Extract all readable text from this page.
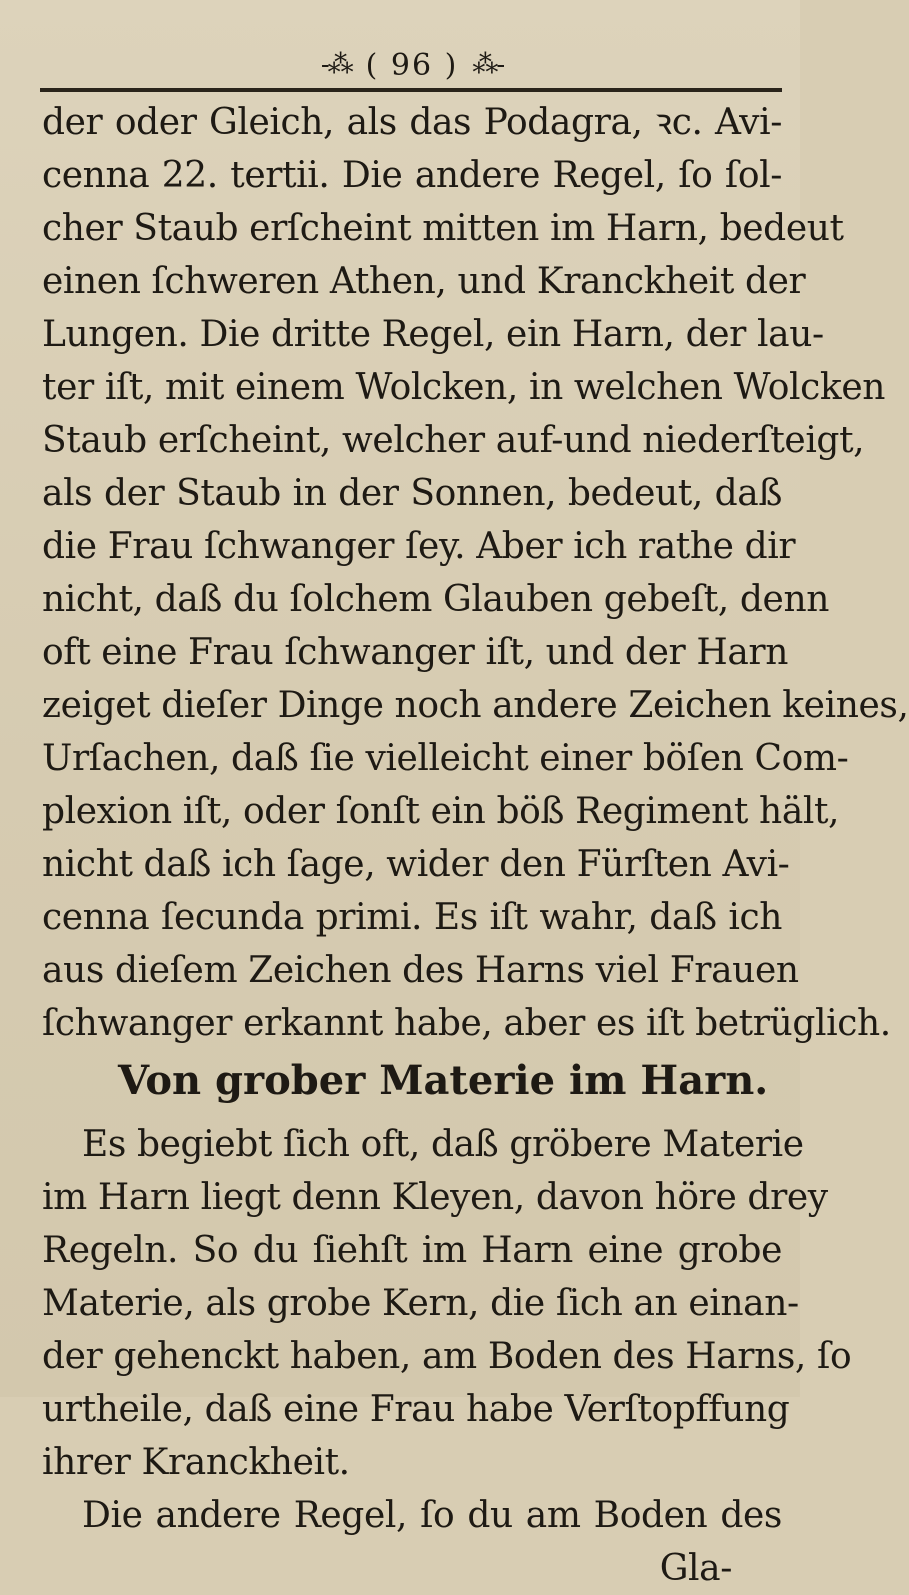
-⁂ ( 96 ) ⁂-
der oder Gleich, als das Podagra, ꝛc. Avi-
cenna 22. tertii. Die andere Regel, ſo ſol-
cher Staub erſcheint mitten im Harn, bedeut
einen ſchweren Athen, und Kranckheit der
Lungen. Die dritte Regel, ein Harn, der lau-
ter iſt, mit einem Wolcken, in welchen Wolcken
Staub erſcheint, welcher auf-und niederſteigt,
als der Staub in der Sonnen, bedeut, daß
die Frau ſchwanger ſey. Aber ich rathe dir
nicht, daß du ſolchem Glauben gebeſt, denn
oft eine Frau ſchwanger iſt, und der Harn
zeiget dieſer Dinge noch andere Zeichen keines,
Urſachen, daß ſie vielleicht einer böſen Com-
plexion iſt, oder ſonſt ein böß Regiment hält,
nicht daß ich ſage, wider den Fürſten Avi-
cenna ſecunda primi. Es iſt wahr, daß ich
aus dieſem Zeichen des Harns viel Frauen
ſchwanger erkannt habe, aber es iſt betrüglich.
Von grober Materie im Harn.
Es begiebt ſich oft, daß gröbere Materie
im Harn liegt denn Kleyen, davon höre drey
Regeln. So du ſiehſt im Harn eine grobe
Materie, als grobe Kern, die ſich an einan-
der gehenckt haben, am Boden des Harns, ſo
urtheile, daß eine Frau habe Verſtopffung
ihrer Kranckheit.
Die andere Regel, ſo du am Boden des
Gla-
